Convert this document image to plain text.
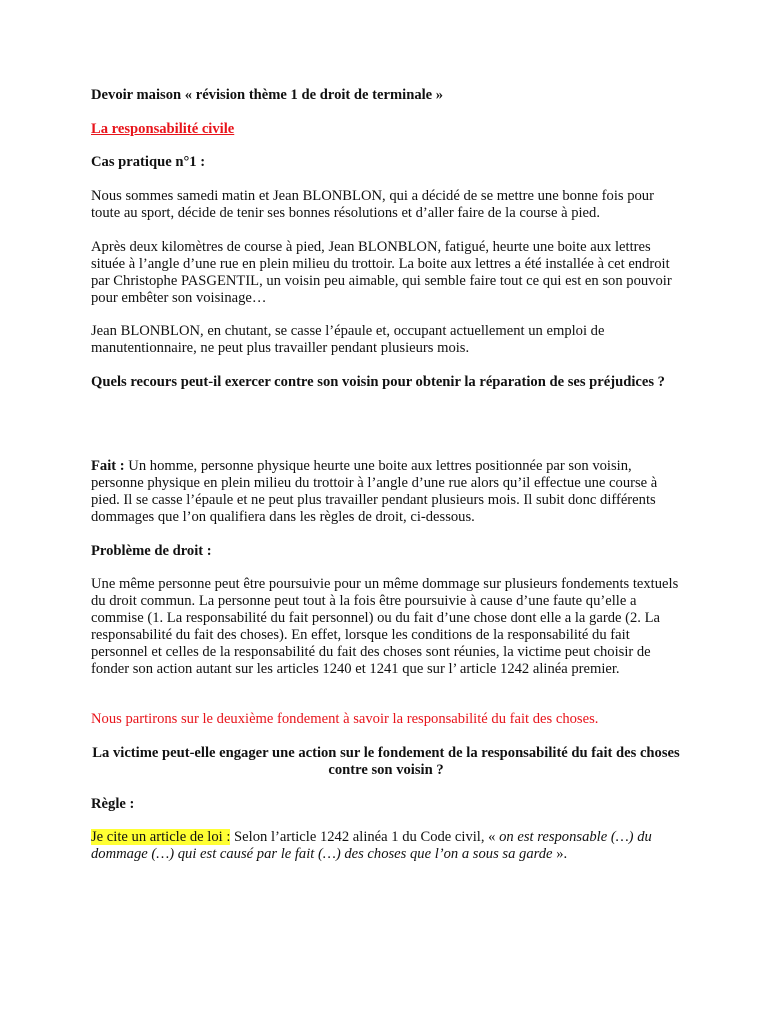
Devoir maison « révision thème 1 de droit de terminale »

La responsabilité civile

Cas pratique n°1 :

Nous sommes samedi matin et Jean BLONBLON, qui a décidé de se mettre une bonne fois pour toute au sport, décide de tenir ses bonnes résolutions et d’aller faire de la course à pied.

Après deux kilomètres de course à pied, Jean BLONBLON, fatigué, heurte une boite aux lettres située à l’angle d’une rue en plein milieu du trottoir. La boite aux lettres a été installée à cet endroit par Christophe PASGENTIL, un voisin peu aimable, qui semble faire tout ce qui est en son pouvoir pour embêter son voisinage…

Jean BLONBLON, en chutant, se casse l’épaule et, occupant actuellement un emploi de manutentionnaire, ne peut plus travailler pendant plusieurs mois.

Quels recours peut-il exercer contre son voisin pour obtenir la réparation de ses préjudices ?

Fait : Un homme, personne physique heurte une boite aux lettres positionnée par son voisin, personne physique en plein milieu du trottoir à l’angle d’une rue alors qu’il effectue une course à pied. Il se casse l’épaule et ne peut plus travailler pendant plusieurs mois. Il subit donc différents dommages que l’on qualifiera dans les règles de droit, ci-dessous.

Problème de droit :

Une même personne peut être poursuivie pour un même dommage sur plusieurs fondements textuels du droit commun. La personne peut tout à la fois être poursuivie à cause d’une faute qu’elle a commise (1. La responsabilité du fait personnel) ou du fait d’une chose dont elle a la garde (2. La responsabilité du fait des choses). En effet, lorsque les conditions de la responsabilité du fait personnel et celles de la responsabilité du fait des choses sont réunies, la victime peut choisir de fonder son action autant sur les articles 1240 et 1241 que sur l’ article 1242 alinéa premier.

Nous partirons sur le deuxième fondement à savoir la responsabilité du fait des choses.

La victime peut-elle engager une action sur le fondement de la responsabilité du fait des choses contre son voisin ?

Règle :

Je cite un article de loi : Selon l’article 1242 alinéa 1 du Code civil, « on est responsable (…) du dommage (…) qui est causé par le fait (…) des choses que l’on a sous sa garde ».
